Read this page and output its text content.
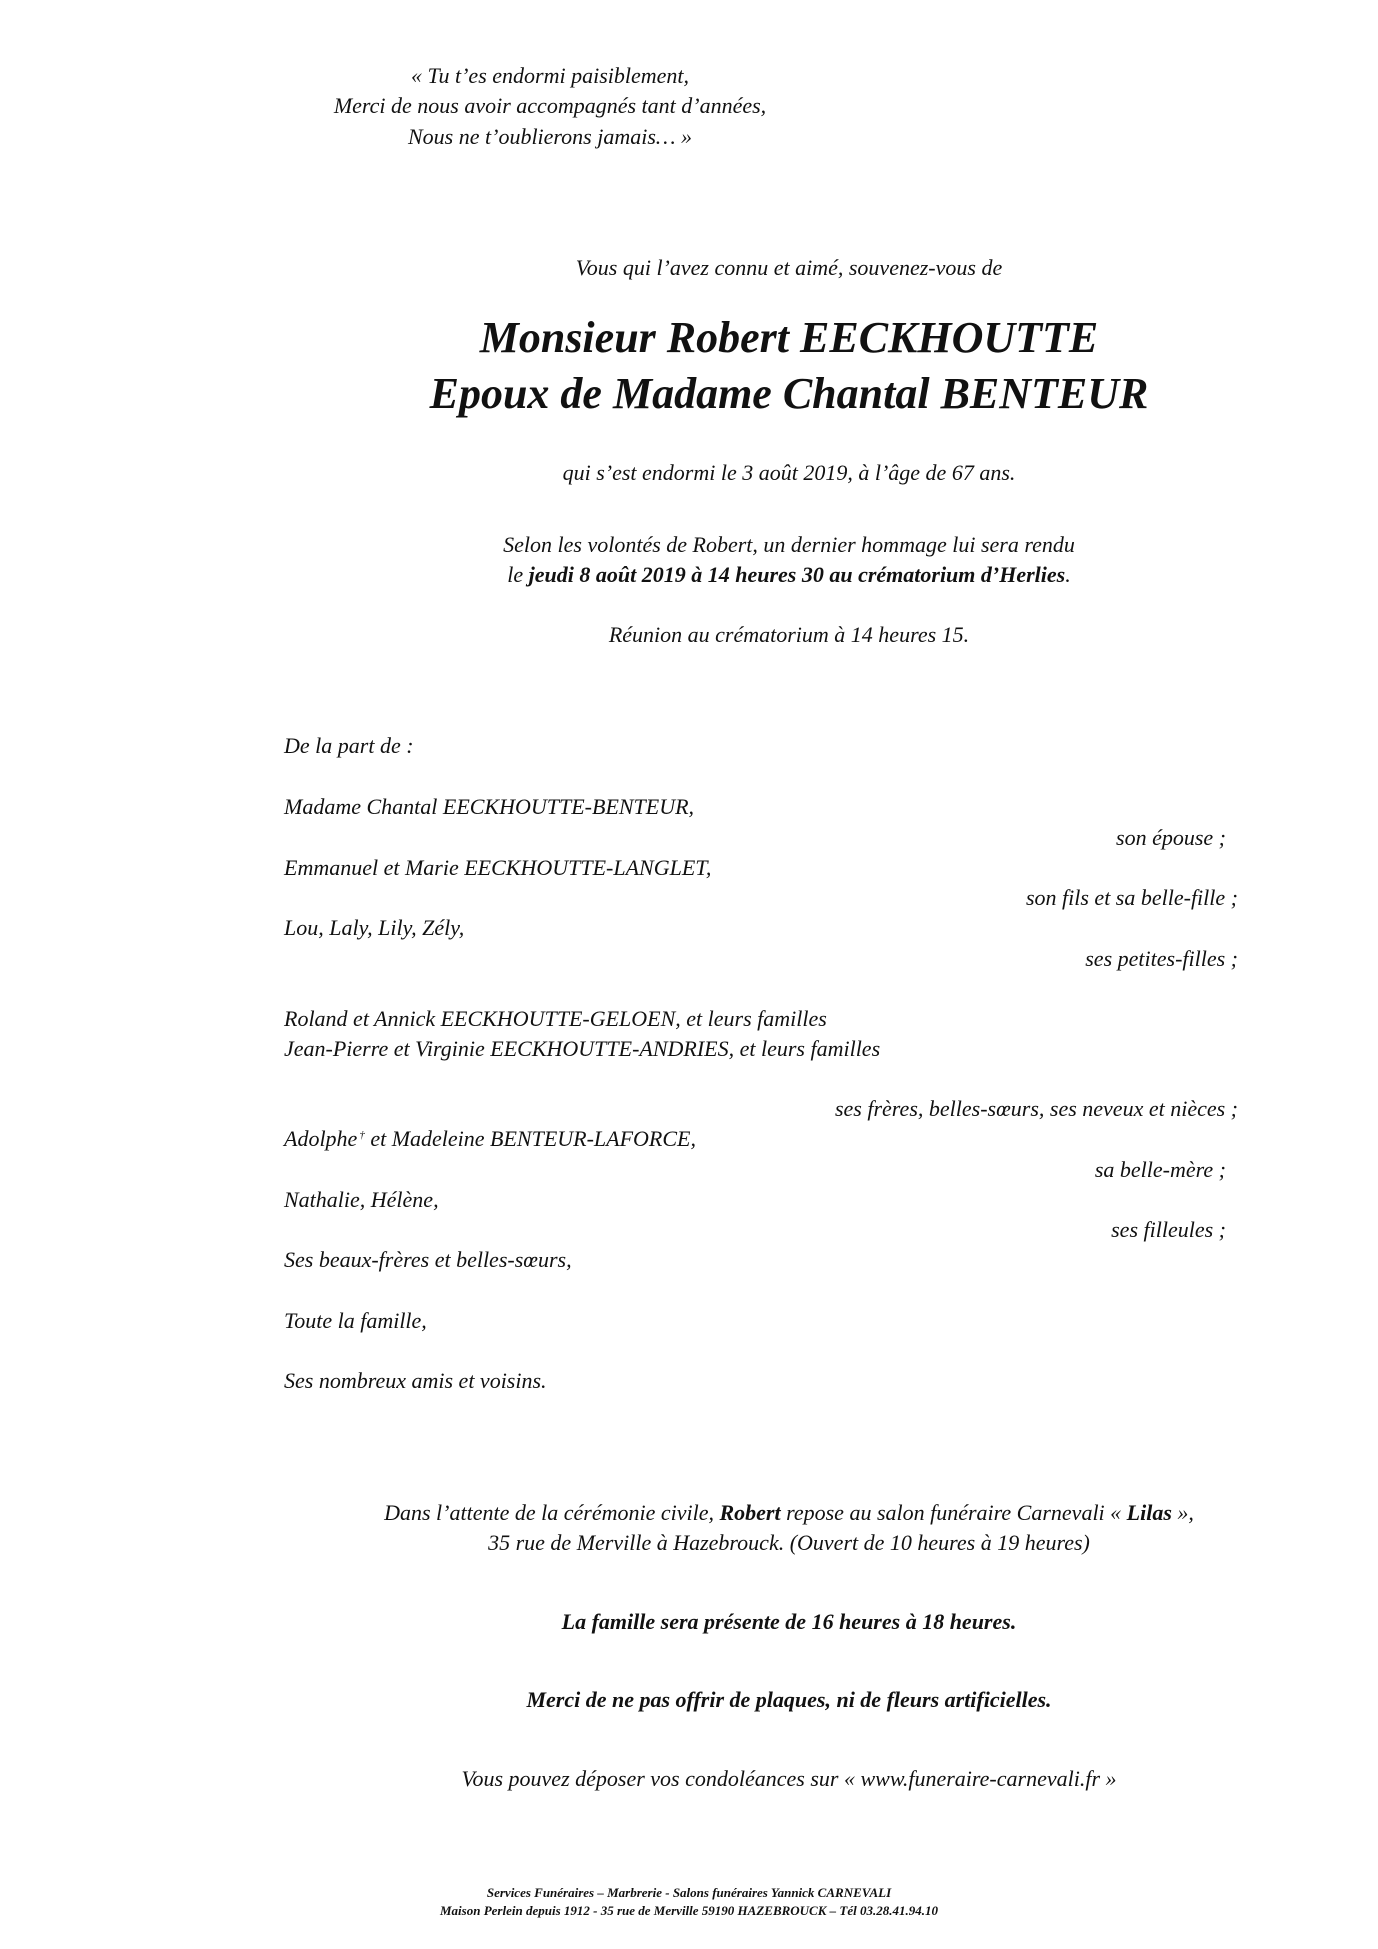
« Tu t’es endormi paisiblement,
Merci de nous avoir accompagnés tant d’années,
Nous ne t’oublierons jamais… »
Vous qui l’avez connu et aimé, souvenez-vous de
Monsieur Robert EECKHOUTTE
Epoux de Madame Chantal BENTEUR
qui s’est endormi le 3 août 2019, à l’âge de 67 ans.
Selon les volontés de Robert, un dernier hommage lui sera rendu
le jeudi 8 août 2019 à 14 heures 30 au crématorium d’Herlies.
Réunion au crématorium à 14 heures 15.
De la part de :
Madame Chantal EECKHOUTTE-BENTEUR,
son épouse ;
Emmanuel et Marie EECKHOUTTE-LANGLET,
son fils et sa belle-fille ;
Lou, Laly, Lily, Zély,
ses petites-filles ;
Roland et Annick EECKHOUTTE-GELOEN, et leurs familles
Jean-Pierre et Virginie EECKHOUTTE-ANDRIES, et leurs familles
ses frères, belles-sœurs, ses neveux et nièces ;
Adolphe † et Madeleine BENTEUR-LAFORCE,
sa belle-mère ;
Nathalie, Hélène,
ses filleules ;
Ses beaux-frères et belles-sœurs,
Toute la famille,
Ses nombreux amis et voisins.
Dans l’attente de la cérémonie civile, Robert repose au salon funéraire Carnevali « Lilas »,
35 rue de Merville à Hazebrouck. (Ouvert de 10 heures à 19 heures)
La famille sera présente de 16 heures à 18 heures.
Merci de ne pas offrir de plaques, ni de fleurs artificielles.
Vous pouvez déposer vos condoléances sur « www.funeraire-carnevali.fr »
Services Funéraires – Marbrerie - Salons funéraires Yannick CARNEVALI
Maison Perlein depuis 1912 - 35 rue de Merville 59190 HAZEBROUCK – Tél 03.28.41.94.10
